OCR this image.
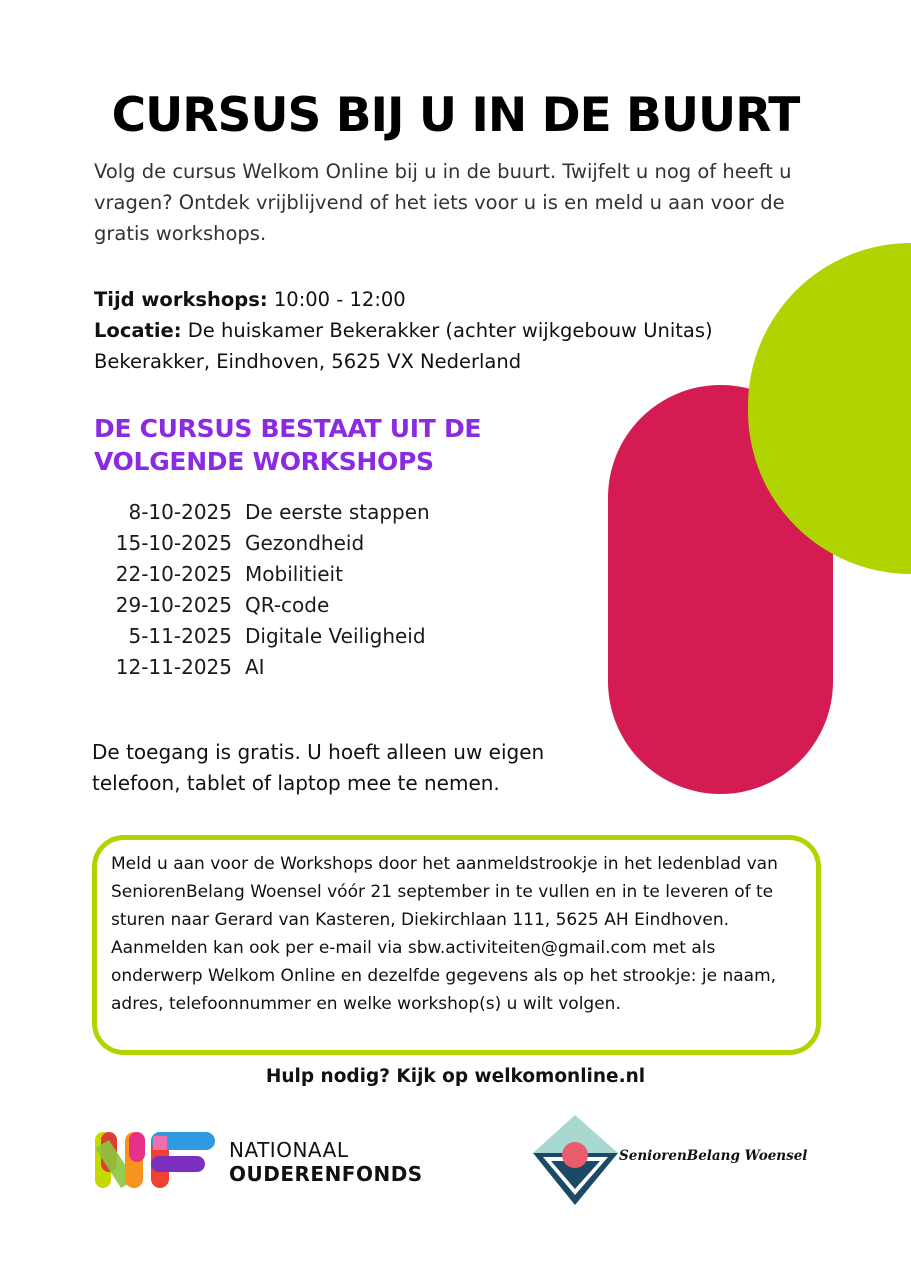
CURSUS BIJ U IN DE BUURT

Volg de cursus Welkom Online bij u in de buurt. Twijfelt u nog of heeft u vragen? Ontdek vrijblijvend of het iets voor u is en meld u aan voor de gratis workshops.

Tijd workshops: 10:00 - 12:00
Locatie: De huiskamer Bekerakker (achter wijkgebouw Unitas)
Bekerakker, Eindhoven, 5625 VX Nederland
DE CURSUS BESTAAT UIT DE VOLGENDE WORKSHOPS
8-10-2025 De eerste stappen
15-10-2025 Gezondheid
22-10-2025 Mobilitieit
29-10-2025 QR-code
5-11-2025 Digitale Veiligheid
12-11-2025 AI

De toegang is gratis. U hoeft alleen uw eigen telefoon, tablet of laptop mee te nemen.

Meld u aan voor de Workshops door het aanmeldstrookje in het ledenblad van SeniorenBelang Woensel vóór 21 september in te vullen en in te leveren of te sturen naar Gerard van Kasteren, Diekirchlaan 111, 5625 AH Eindhoven. Aanmelden kan ook per e-mail via sbw.activiteiten@gmail.com met als onderwerp Welkom Online en dezelfde gegevens als op het strookje: je naam, adres, telefoonnummer en welke workshop(s) u wilt volgen.

Hulp nodig? Kijk op welkomonline.nl

NATIONAAL
OUDERENFONDS
SeniorenBelang Woensel
